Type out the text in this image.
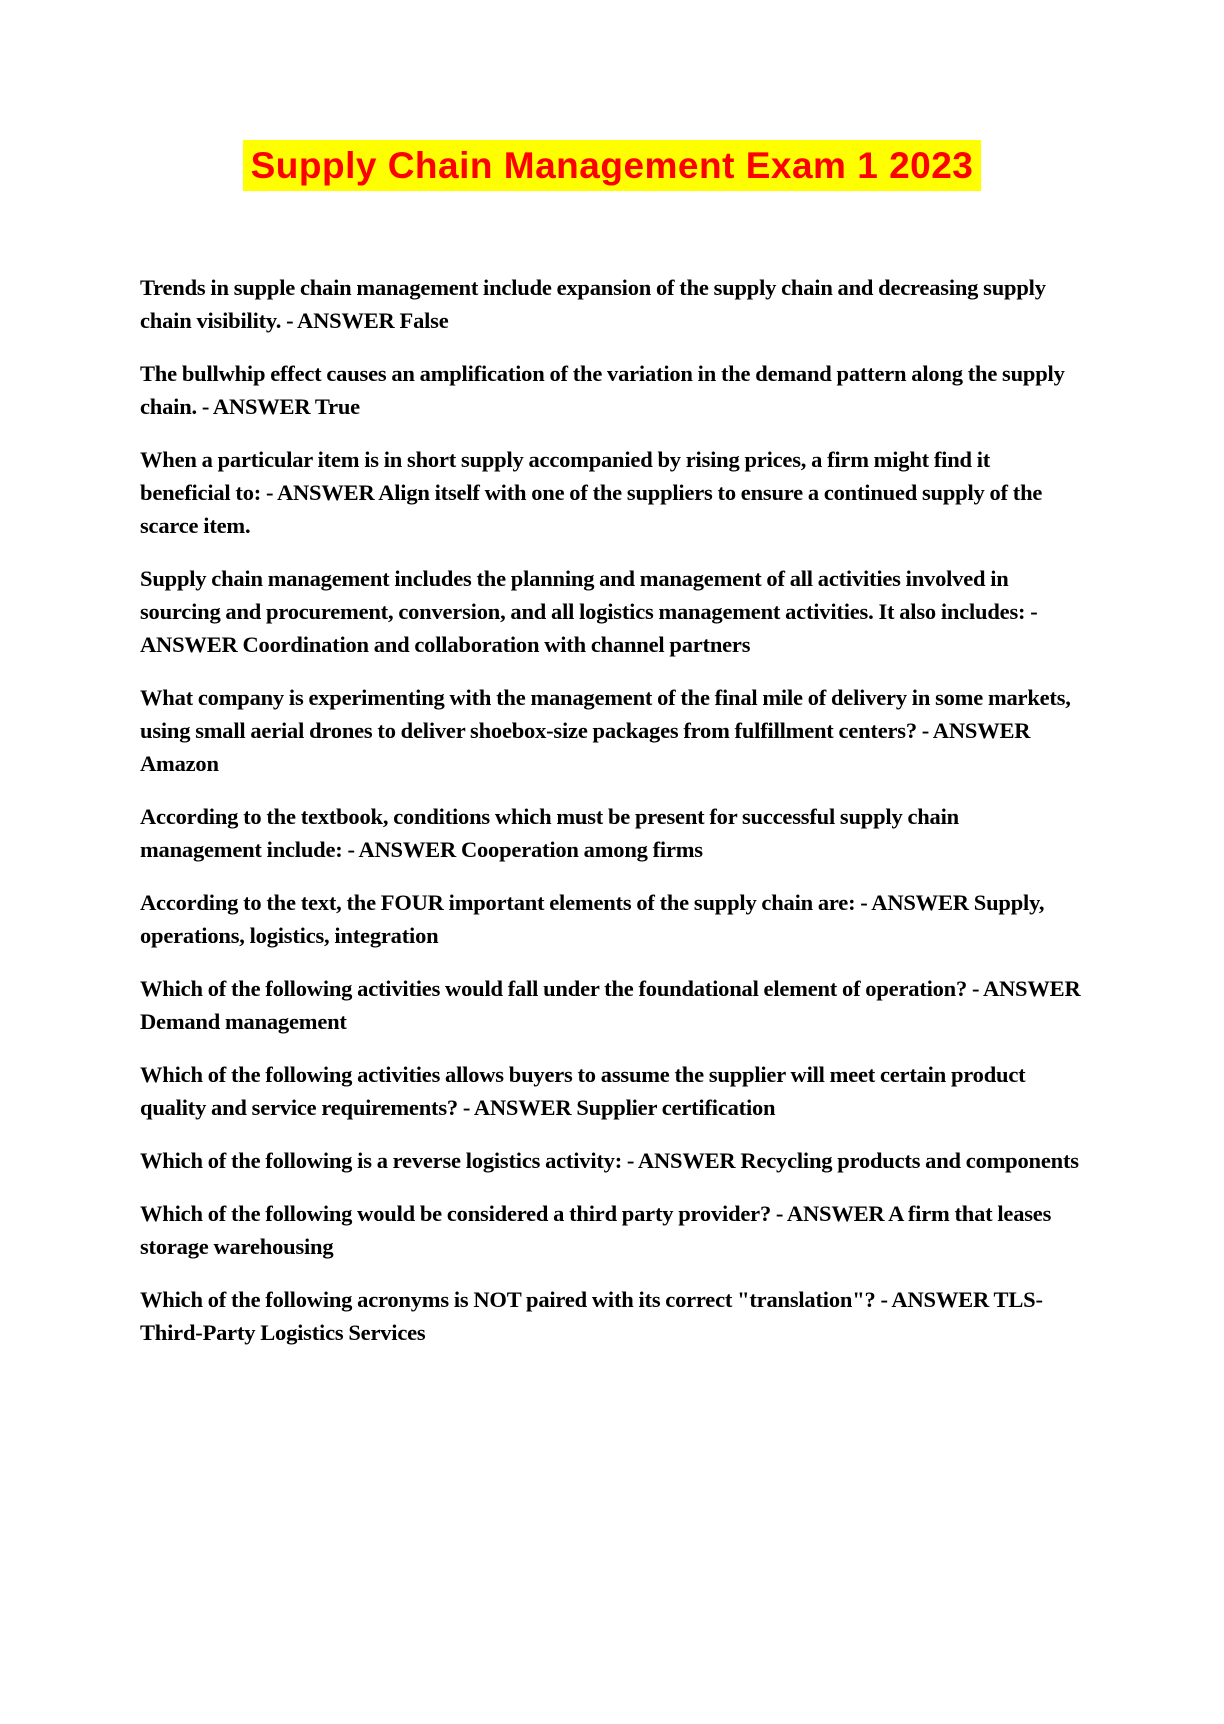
Supply Chain Management Exam 1 2023

Trends in supple chain management include expansion of the supply chain and decreasing supply chain visibility. - ANSWER False

The bullwhip effect causes an amplification of the variation in the demand pattern along the supply chain. - ANSWER True

When a particular item is in short supply accompanied by rising prices, a firm might find it beneficial to: - ANSWER Align itself with one of the suppliers to ensure a continued supply of the scarce item.

Supply chain management includes the planning and management of all activities involved in sourcing and procurement, conversion, and all logistics management activities. It also includes: - ANSWER Coordination and collaboration with channel partners

What company is experimenting with the management of the final mile of delivery in some markets, using small aerial drones to deliver shoebox-size packages from fulfillment centers? - ANSWER Amazon

According to the textbook, conditions which must be present for successful supply chain management include: - ANSWER Cooperation among firms

According to the text, the FOUR important elements of the supply chain are: - ANSWER Supply, operations, logistics, integration

Which of the following activities would fall under the foundational element of operation? - ANSWER Demand management

Which of the following activities allows buyers to assume the supplier will meet certain product quality and service requirements? - ANSWER Supplier certification

Which of the following is a reverse logistics activity: - ANSWER Recycling products and components

Which of the following would be considered a third party provider? - ANSWER A firm that leases storage warehousing

Which of the following acronyms is NOT paired with its correct "translation"? - ANSWER TLS- Third-Party Logistics Services
